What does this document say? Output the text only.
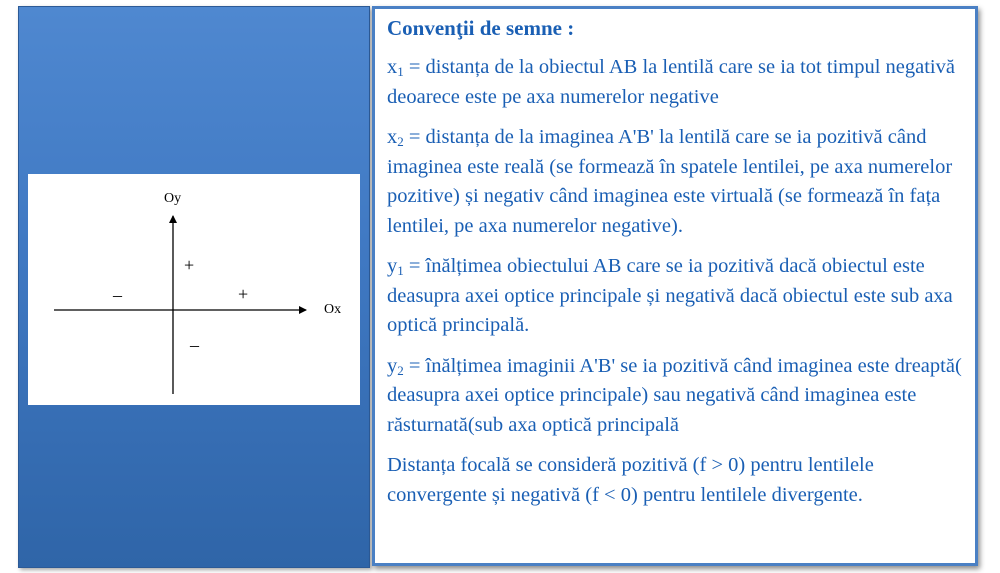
Oy
Ox
+
+
–
–
Convenţii de semne :

$x_1$ = distanța de la obiectul AB la lentilă care se ia tot timpul negativă deoarece este pe axa numerelor negative

$x_2$ = distanța de la imaginea A'B' la lentilă care se ia pozitivă când imaginea este reală (se formează în spatele lentilei, pe axa numerelor pozitive) și negativ când imaginea este virtuală (se formează în fața lentilei, pe axa numerelor negative).

$y_1$ = înălțimea obiectului AB care se ia pozitivă dacă obiectul este deasupra axei optice principale și negativă dacă obiectul este sub axa optică principală.

$y_2$ = înălțimea imaginii A'B' se ia pozitivă când imaginea este dreaptă( deasupra axei optice principale) sau negativă când imaginea este răsturnată(sub axa optică principală

Distanța focală se consideră pozitivă (f > 0) pentru lentilele convergente și negativă (f < 0) pentru lentilele divergente.
